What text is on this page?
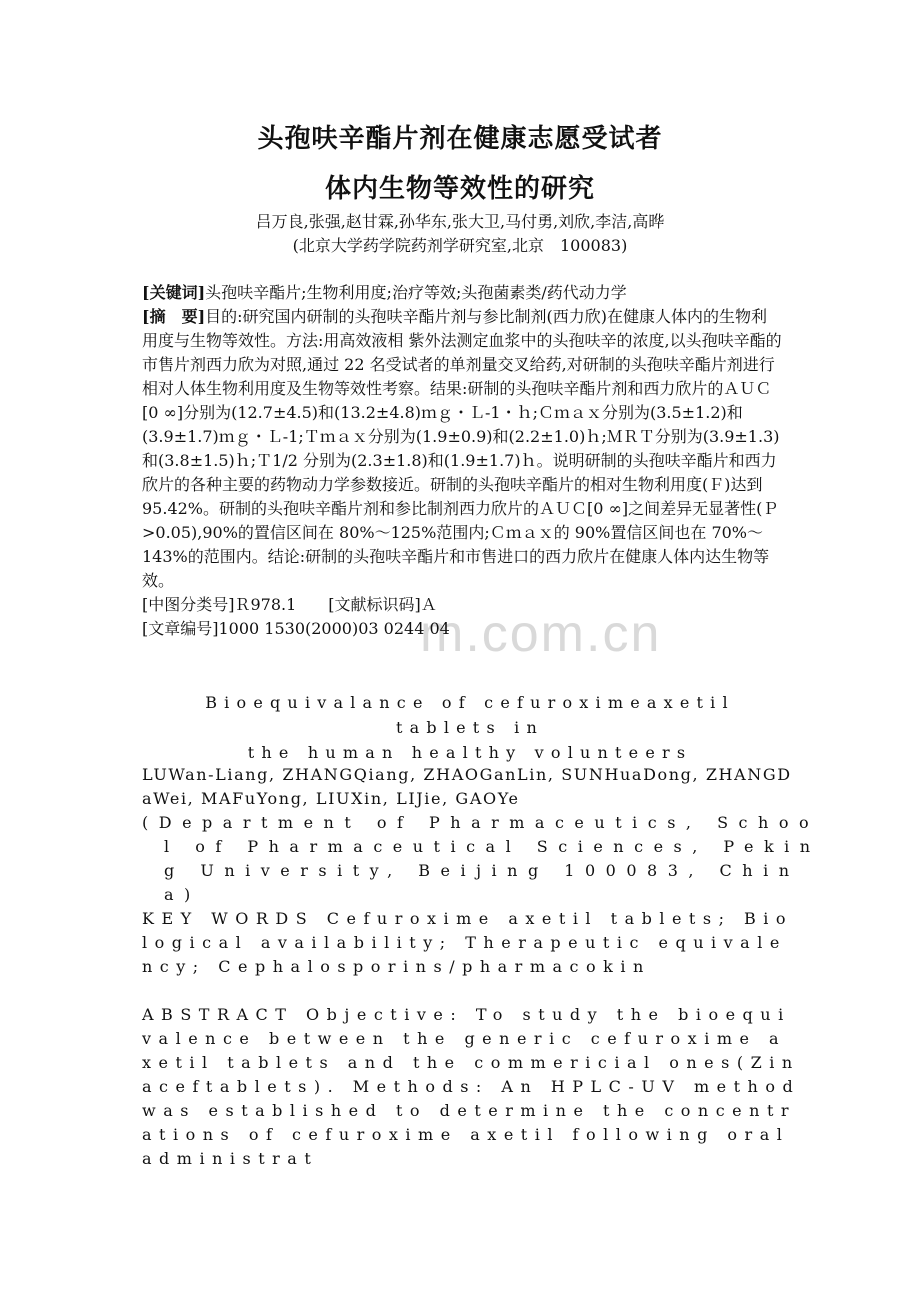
m.com.cn
头孢呋辛酯片剂在健康志愿受试者
体内生物等效性的研究
吕万良,张强,赵甘霖,孙华东,张大卫,马付勇,刘欣,李洁,高晔
(北京大学药学院药剂学研究室,北京　100083)

[关键词]头孢呋辛酯片;生物利用度;治疗等效;头孢菌素类/药代动力学

[摘　要]目的:研究国内研制的头孢呋辛酯片剂与参比制剂(西力欣)在健康人体内的生物利用度与生物等效性。方法:用高效液相 紫外法测定血浆中的头孢呋辛的浓度,以头孢呋辛酯的市售片剂西力欣为对照,通过 22 名受试者的单剂量交叉给药,对研制的头孢呋辛酯片剂进行相对人体生物利用度及生物等效性考察。结果:研制的头孢呋辛酯片剂和西力欣片的ＡＵＣ[0 ∞]分别为(12.7±4.5)和(13.2±4.8)ｍｇ・Ｌ-1・ｈ;Ｃｍａｘ分别为(3.5±1.2)和(3.9±1.7)ｍｇ・Ｌ-1;Ｔｍａｘ分别为(1.9±0.9)和(2.2±1.0)ｈ;ＭＲＴ分别为(3.9±1.3)和(3.8±1.5)ｈ;Ｔ1/2 分别为(2.3±1.8)和(1.9±1.7)ｈ。说明研制的头孢呋辛酯片和西力欣片的各种主要的药物动力学参数接近。研制的头孢呋辛酯片的相对生物利用度(Ｆ)达到 95.42%。研制的头孢呋辛酯片剂和参比制剂西力欣片的ＡＵＣ[0 ∞]之间差异无显著性(Ｐ>0.05),90%的置信区间在 80%～125%范围内;Ｃｍａｘ的 90%置信区间也在 70%～143%的范围内。结论:研制的头孢呋辛酯片和市售进口的西力欣片在健康人体内达生物等效。

[中图分类号]Ｒ978.1　　[文献标识码]Ａ

[文章编号]1000 1530(2000)03 0244 04

Bioequivalance of cefuroximeaxetil tablets in
the human healthy volunteers
LUWan-Liang, ZHANGQiang, ZHAOGanLin, SUNHuaDong, ZHANGDaWei, MAFuYong, LIUXin, LIJie, GAOYe
(Department of Pharmaceutics, School of Pharmaceutical Sciences, Peking University, Beijing 100083, China)
KEY WORDS Cefuroxime axetil tablets; Biological availability; Therapeutic equivalency; Cephalosporins/pharmacokin
ABSTRACT Objective: To study the bioequivalence between the generic cefuroxime axetil tablets and the commericial ones(Zinaceftablets). Methods: An HPLC-UV method was established to determine the concentrations of cefuroxime axetil following oral administrat
